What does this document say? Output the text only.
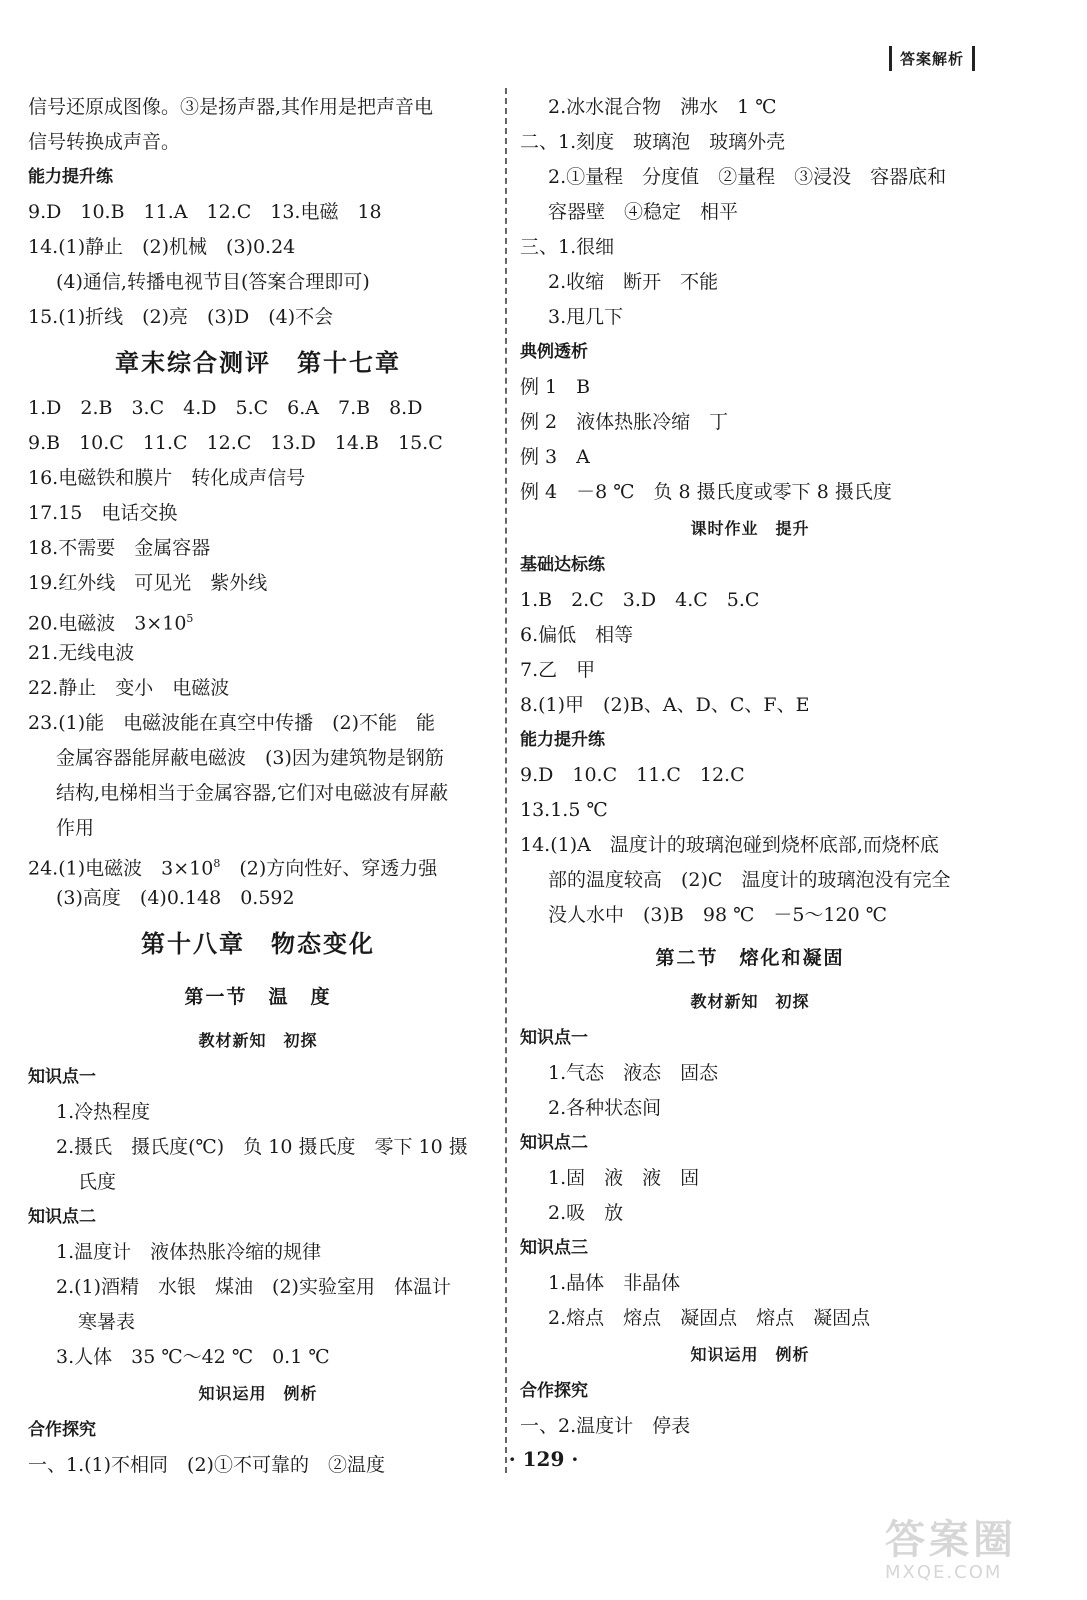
答案解析
信号还原成图像。③是扬声器,其作用是把声音电
信号转换成声音。
能力提升练
9.D　10.B　11.A　12.C　13.电磁　18
14.(1)静止　(2)机械　(3)0.24
(4)通信,转播电视节目(答案合理即可)
15.(1)折线　(2)亮　(3)D　(4)不会
章末综合测评　第十七章
1.D　2.B　3.C　4.D　5.C　6.A　7.B　8.D
9.B　10.C　11.C　12.C　13.D　14.B　15.C
16.电磁铁和膜片　转化成声信号
17.15　电话交换
18.不需要　金属容器
19.红外线　可见光　紫外线
20.电磁波　$3\times 10^5$
21.无线电波
22.静止　变小　电磁波
23.(1)能　电磁波能在真空中传播　(2)不能　能
金属容器能屏蔽电磁波　(3)因为建筑物是钢筋
结构,电梯相当于金属容器,它们对电磁波有屏蔽
作用
24.(1)电磁波　$3\times 10^8$　(2)方向性好、穿透力强
(3)高度　(4)0.148　0.592
第十八章　物态变化
第一节　温　度
教材新知　初探
知识点一
1.冷热程度
2.摄氏　摄氏度(℃)　负 10 摄氏度　零下 10 摄
氏度
知识点二
1.温度计　液体热胀冷缩的规律
2.(1)酒精　水银　煤油　(2)实验室用　体温计
寒暑表
3.人体　35 ℃～42 ℃　0.1 ℃
知识运用　例析
合作探究
一、1.(1)不相同　(2)①不可靠的　②温度
2.冰水混合物　沸水　1 ℃
二、1.刻度　玻璃泡　玻璃外壳
2.①量程　分度值　②量程　③浸没　容器底和
容器壁　④稳定　相平
三、1.很细
2.收缩　断开　不能
3.甩几下
典例透析
例 1　B
例 2　液体热胀冷缩　丁
例 3　A
例 4　－8 ℃　负 8 摄氏度或零下 8 摄氏度
课时作业　提升
基础达标练
1.B　2.C　3.D　4.C　5.C
6.偏低　相等
7.乙　甲
8.(1)甲　(2)B、A、D、C、F、E
能力提升练
9.D　10.C　11.C　12.C
13.1.5 ℃
14.(1)A　温度计的玻璃泡碰到烧杯底部,而烧杯底
部的温度较高　(2)C　温度计的玻璃泡没有完全
没人水中　(3)B　98 ℃　－5～120 ℃
第二节　熔化和凝固
教材新知　初探
知识点一
1.气态　液态　固态
2.各种状态间
知识点二
1.固　液　液　固
2.吸　放
知识点三
1.晶体　非晶体
2.熔点　熔点　凝固点　熔点　凝固点
知识运用　例析
合作探究
一、2.温度计　停表
· 129 ·
答案圈
MXQE.COM
